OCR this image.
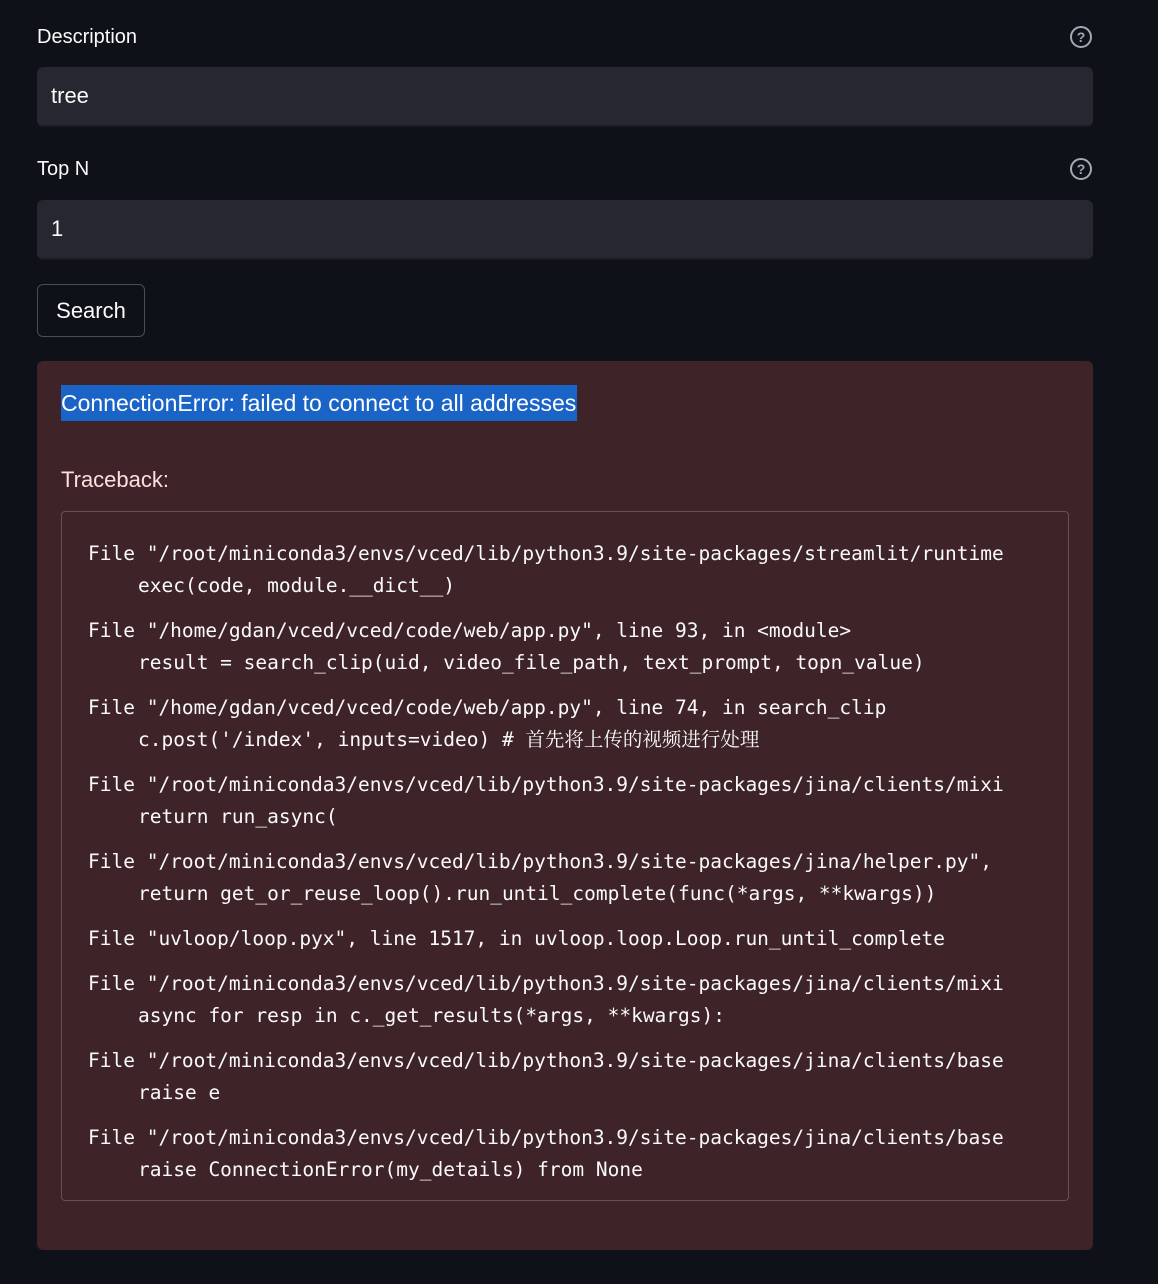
Description	?
tree
Top N	?
1
Search
ConnectionError: failed to connect to all addresses
Traceback:
File "/root/miniconda3/envs/vced/lib/python3.9/site-packages/streamlit/runtime
exec(code, module.__dict__)
File "/home/gdan/vced/vced/code/web/app.py", line 93, in <module>
result = search_clip(uid, video_file_path, text_prompt, topn_value)
File "/home/gdan/vced/vced/code/web/app.py", line 74, in search_clip
c.post('/index', inputs=video) # 首先将上传的视频进行处理
File "/root/miniconda3/envs/vced/lib/python3.9/site-packages/jina/clients/mixi
return run_async(
File "/root/miniconda3/envs/vced/lib/python3.9/site-packages/jina/helper.py",
return get_or_reuse_loop().run_until_complete(func(*args, **kwargs))
File "uvloop/loop.pyx", line 1517, in uvloop.loop.Loop.run_until_complete
File "/root/miniconda3/envs/vced/lib/python3.9/site-packages/jina/clients/mixi
async for resp in c._get_results(*args, **kwargs):
File "/root/miniconda3/envs/vced/lib/python3.9/site-packages/jina/clients/base
raise e
File "/root/miniconda3/envs/vced/lib/python3.9/site-packages/jina/clients/base
raise ConnectionError(my_details) from None
